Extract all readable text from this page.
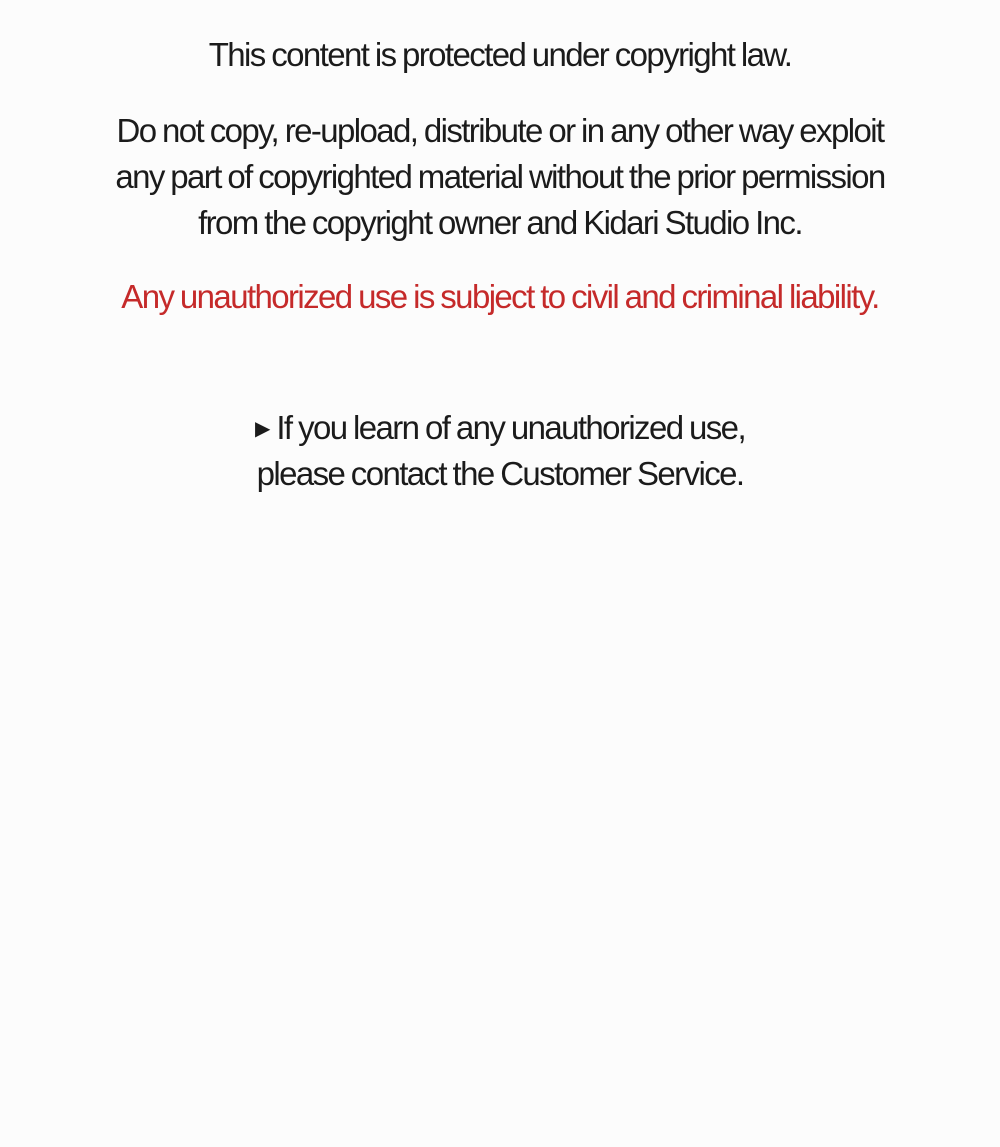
This content is protected under copyright law.
Do not copy, re-upload, distribute or in any other way exploit
any part of copyrighted material without the prior permission
from the copyright owner and Kidari Studio Inc.
Any unauthorized use is subject to civil and criminal liability.
▶ If you learn of any unauthorized use,
please contact the Customer Service.
